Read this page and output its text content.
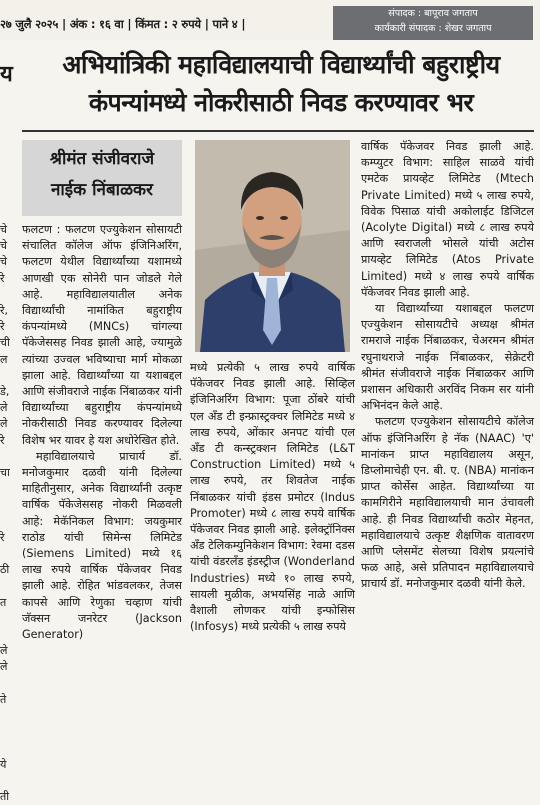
२७ जुलै २०२५ | अंक : १६ वा | किंमत : २ रुपये | पाने ४ |
संपादक : बापूराव जगताप
कार्यकारी संपादक : शेखर जगताप
य	अभियांत्रिकी महाविद्यालयाची विद्यार्थ्यांची बहुराष्ट्रीय
कंपन्यांमध्ये नोकरीसाठी निवड करण्यावर भर
श्रीमंत संजीवराजे
नाईक निंबाळकर
चे
चे
चे
रे

रे,
रे
ची
ल

डे,
ले
ले
रे

चा

रे

ठी

त

ले
ले

ते

ये

ती

फलटण : फलटण एज्युकेशन सोसायटी संचालित कॉलेज ऑफ इंजिनिअरिंग, फलटण येथील विद्यार्थ्यांच्या यशामध्ये आणखी एक सोनेरी पान जोडले गेले आहे. महाविद्यालयातील अनेक विद्यार्थ्यांची नामांकित बहुराष्ट्रीय कंपन्यांमध्ये (MNCs) चांगल्या पॅकेजेससह निवड झाली आहे, ज्यामुळे त्यांच्या उज्वल भविष्याचा मार्ग मोकळा झाला आहे. विद्यार्थ्यांच्या या यशाबद्दल आणि संजीवराजे नाईक निंबाळकर यांनी विद्यार्थ्यांच्या बहुराष्ट्रीय कंपन्यांमध्ये नोकरीसाठी निवड करण्यावर दिलेल्या विशेष भर यावर हे यश अधोरेखित होते.

महाविद्यालयाचे प्राचार्य डॉ. मनोजकुमार दळवी यांनी दिलेल्या माहितीनुसार, अनेक विद्यार्थ्यांनी उत्कृष्ट वार्षिक पॅकेजेससह नोकरी मिळवली आहे: मेकॅनिकल विभाग: जयकुमार राठोड यांची सिमेन्स लिमिटेड (Siemens Limited) मध्ये १६ लाख रुपये वार्षिक पॅकेजवर निवड झाली आहे. रोहित भांडवलकर, तेजस कापसे आणि रेणुका चव्हाण यांची जॅक्सन जनरेटर (Jackson Generator)

मध्ये प्रत्येकी ५ लाख रुपये वार्षिक पॅकेजवर निवड झाली आहे. सिव्हिल इंजिनिअरिंग विभाग: पूजा ठोंबरे यांची एल अँड टी इन्फ्रास्ट्रक्चर लिमिटेड मध्ये ४ लाख रुपये, ओंकार अनपट यांची एल अँड टी कन्स्ट्रक्शन लिमिटेड (L&T Construction Limited) मध्ये ५ लाख रुपये, तर शिवतेज नाईक निंबाळकर यांची इंडस प्रमोटर (Indus Promoter) मध्ये ८ लाख रुपये वार्षिक पॅकेजवर निवड झाली आहे. इलेक्ट्रॉनिक्स अँड टेलिकम्युनिकेशन विभाग: रेवमा दडस यांची वंडरलँड इंडस्ट्रीज (Wonderland Industries) मध्ये १० लाख रुपये, सायली मुळीक, अभयसिंह नाळे आणि वैशाली लोणकर यांची इन्फोसिस (Infosys) मध्ये प्रत्येकी ५ लाख रुपये

वार्षिक पॅकेजवर निवड झाली आहे. कम्प्युटर विभाग: साहिल साळवे यांची एमटेक प्रायव्हेट लिमिटेड (Mtech Private Limited) मध्ये ५ लाख रुपये, विवेक पिसाळ यांची अकोलाईट डिजिटल (Acolyte Digital) मध्ये ८ लाख रुपये आणि स्वराजली भोसले यांची अटोस प्रायव्हेट लिमिटेड (Atos Private Limited) मध्ये ४ लाख रुपये वार्षिक पॅकेजवर निवड झाली आहे.

या विद्यार्थ्यांच्या यशाबद्दल फलटण एज्युकेशन सोसायटीचे अध्यक्ष श्रीमंत रामराजे नाईक निंबाळकर, चेअरमन श्रीमंत रघुनाथराजे नाईक निंबाळकर, सेक्रेटरी श्रीमंत संजीवराजे नाईक निंबाळकर आणि प्रशासन अधिकारी अरविंद निकम सर यांनी अभिनंदन केले आहे.

फलटण एज्युकेशन सोसायटीचे कॉलेज ऑफ इंजिनिअरिंग हे नॅक (NAAC) 'ए' मानांकन प्राप्त महाविद्यालय असून, डिप्लोमाचेही एन. बी. ए. (NBA) मानांकन प्राप्त कोर्सेस आहेत. विद्यार्थ्यांच्या या कामगिरीने महाविद्यालयाची मान उंचावली आहे. ही निवड विद्यार्थ्यांची कठोर मेहनत, महाविद्यालयाचे उत्कृष्ट शैक्षणिक वातावरण आणि प्लेसमेंट सेलच्या विशेष प्रयत्नांचे फळ आहे, असे प्रतिपादन महाविद्यालयाचे प्राचार्य डॉ. मनोजकुमार दळवी यांनी केले.
